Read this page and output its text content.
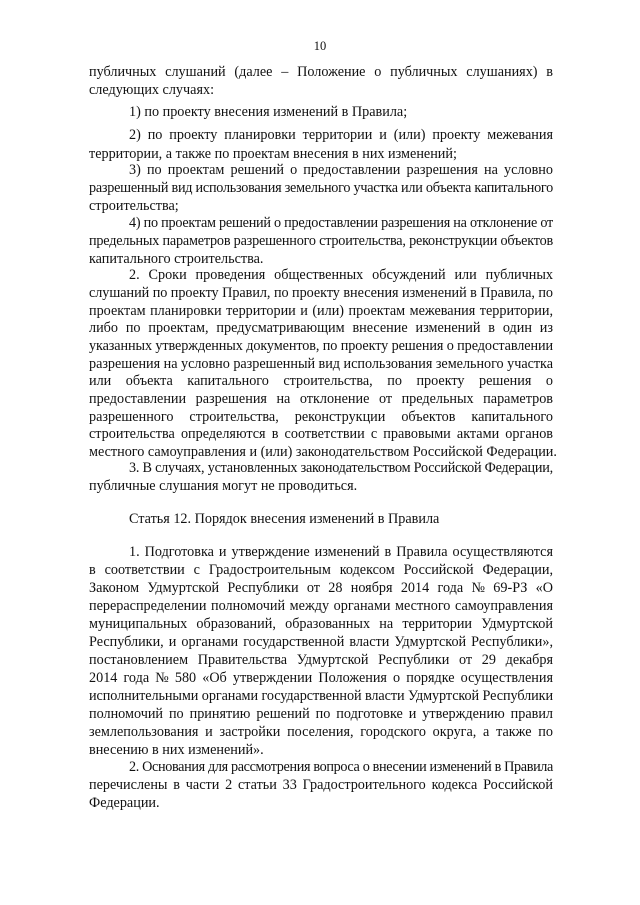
10
публичных слушаний (далее – Положение о публичных слушаниях) в
следующих случаях:
1) по проекту внесения изменений в Правила;
2) по проекту планировки территории и (или) проекту межевания
территории, а также по проектам внесения в них изменений;
3) по проектам решений о предоставлении разрешения на условно
разрешенный вид использования земельного участка или объекта капитального
строительства;
4) по проектам решений о предоставлении разрешения на отклонение от
предельных параметров разрешенного строительства, реконструкции объектов
капитального строительства.
2. Сроки проведения общественных обсуждений или публичных
слушаний по проекту Правил, по проекту внесения изменений в Правила, по
проектам планировки территории и (или) проектам межевания территории,
либо по проектам, предусматривающим внесение изменений в один из
указанных утвержденных документов, по проекту решения о предоставлении
разрешения на условно разрешенный вид использования земельного участка
или объекта капитального строительства, по проекту решения о
предоставлении разрешения на отклонение от предельных параметров
разрешенного строительства, реконструкции объектов капитального
строительства определяются в соответствии с правовыми актами органов
местного самоуправления и (или) законодательством Российской Федерации.
3. В случаях, установленных законодательством Российской Федерации,
публичные слушания могут не проводиться.
Статья 12. Порядок внесения изменений в Правила
1. Подготовка и утверждение изменений в Правила осуществляются
в соответствии с Градостроительным кодексом Российской Федерации,
Законом Удмуртской Республики от 28 ноября 2014 года № 69-РЗ «О
перераспределении полномочий между органами местного самоуправления
муниципальных образований, образованных на территории Удмуртской
Республики, и органами государственной власти Удмуртской Республики»,
постановлением Правительства Удмуртской Республики от 29 декабря
2014 года № 580 «Об утверждении Положения о порядке осуществления
исполнительными органами государственной власти Удмуртской Республики
полномочий по принятию решений по подготовке и утверждению правил
землепользования и застройки поселения, городского округа, а также по
внесению в них изменений».
2. Основания для рассмотрения вопроса о внесении изменений в Правила
перечислены в части 2 статьи 33 Градостроительного кодекса Российской
Федерации.
